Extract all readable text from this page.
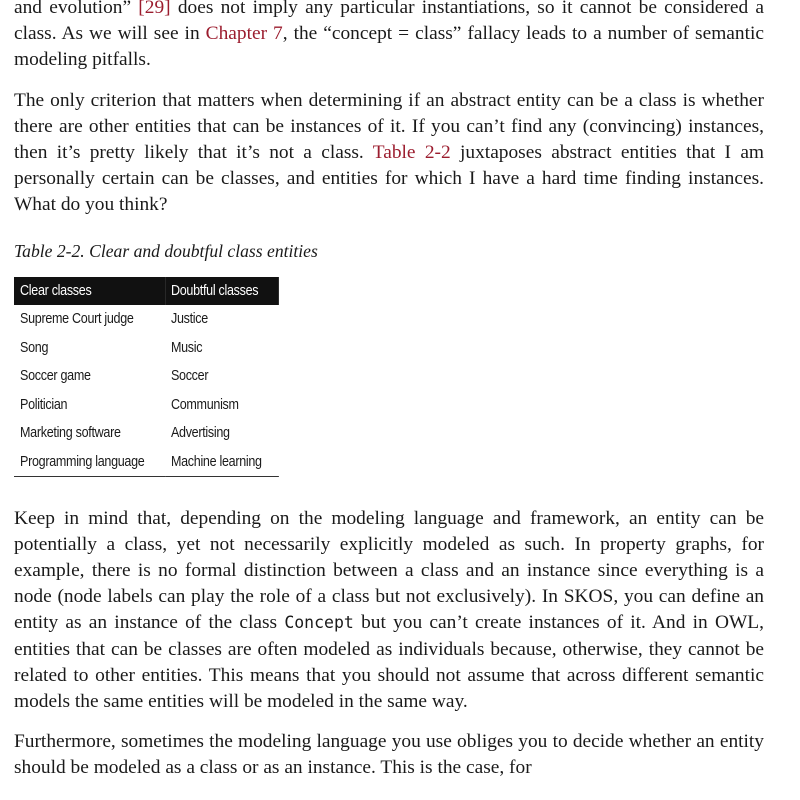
and evolution” [29] does not imply any particular instantiations, so it cannot be considered a class. As we will see in Chapter 7, the “concept = class” fallacy leads to a number of semantic modeling pitfalls.

The only criterion that matters when determining if an abstract entity can be a class is whether there are other entities that can be instances of it. If you can’t find any (convincing) instances, then it’s pretty likely that it’s not a class. Table 2-2 juxtaposes abstract entities that I am personally certain can be classes, and entities for which I have a hard time finding instances. What do you think?

Table 2-2. Clear and doubtful class entities
Clear classes	Doubtful classes
Supreme Court judge	Justice
Song	Music
Soccer game	Soccer
Politician	Communism
Marketing software	Advertising
Programming language	Machine learning

Keep in mind that, depending on the modeling language and framework, an entity can be potentially a class, yet not necessarily explicitly modeled as such. In property graphs, for example, there is no formal distinction between a class and an instance since everything is a node (node labels can play the role of a class but not exclusively). In SKOS, you can define an entity as an instance of the class Concept but you can’t create instances of it. And in OWL, entities that can be classes are often modeled as individuals because, otherwise, they cannot be related to other entities. This means that you should not assume that across different semantic models the same entities will be modeled in the same way.

Furthermore, sometimes the modeling language you use obliges you to decide whether an entity should be modeled as a class or as an instance. This is the case, for
